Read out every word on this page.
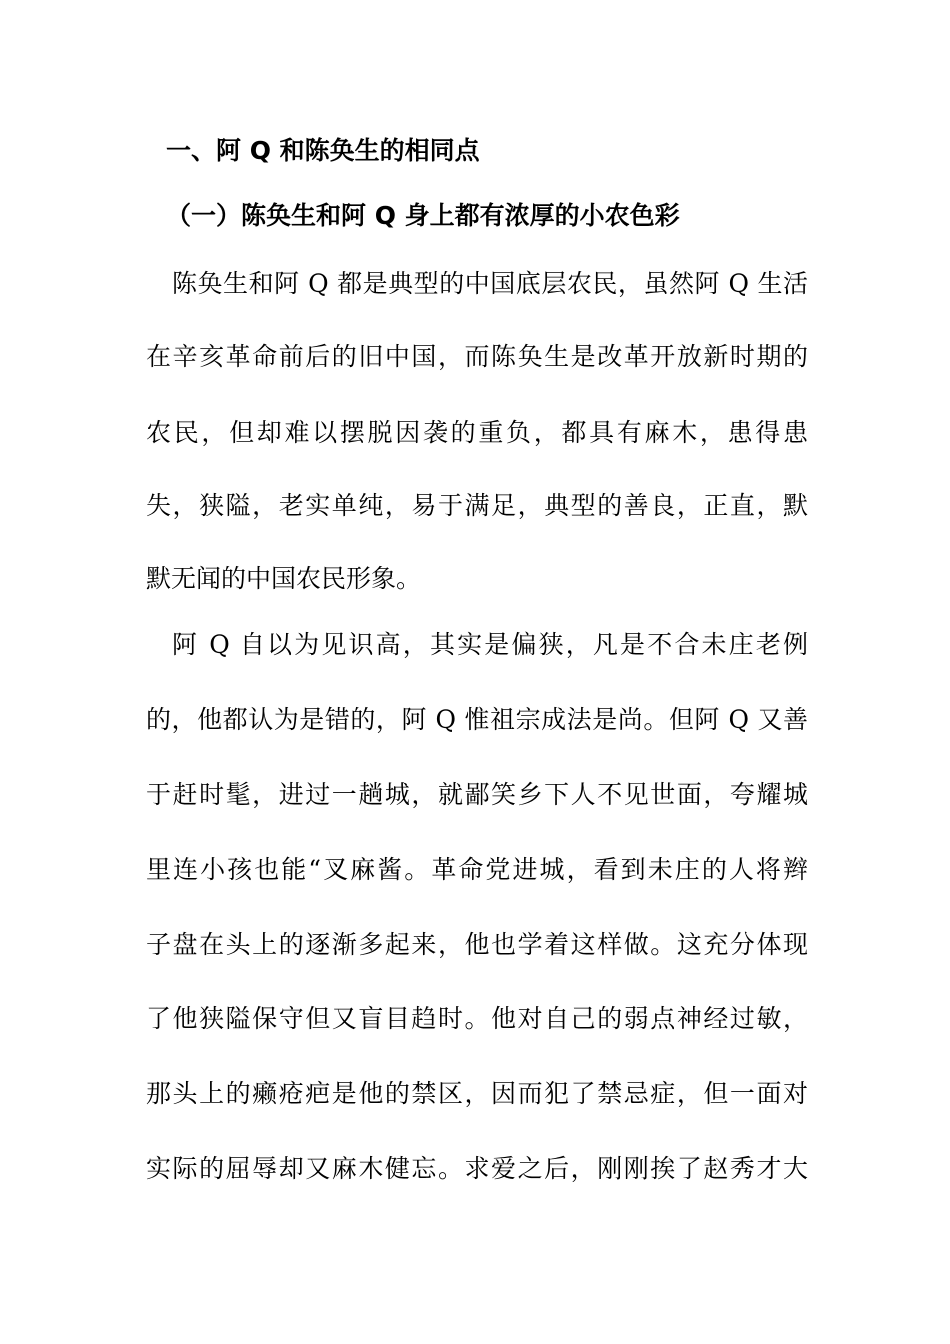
一、阿 Q 和陈奂生的相同点
（一）陈奂生和阿 Q 身上都有浓厚的小农色彩
陈奂生和阿 Q 都是典型的中国底层农民，虽然阿 Q 生活
在辛亥革命前后的旧中国，而陈奂生是改革开放新时期的
农民，但却难以摆脱因袭的重负，都具有麻木，患得患
失，狭隘，老实单纯，易于满足，典型的善良，正直，默
默无闻的中国农民形象。
阿 Q 自以为见识高，其实是偏狭，凡是不合未庄老例
的，他都认为是错的，阿 Q 惟祖宗成法是尚。但阿 Q 又善
于赶时髦，进过一趟城，就鄙笑乡下人不见世面，夸耀城
里连小孩也能“叉麻酱。革命党进城，看到未庄的人将辫
子盘在头上的逐渐多起来，他也学着这样做。这充分体现
了他狭隘保守但又盲目趋时。他对自己的弱点神经过敏，
那头上的癞疮疤是他的禁区，因而犯了禁忌症，但一面对
实际的屈辱却又麻木健忘。求爱之后，刚刚挨了赵秀才大
